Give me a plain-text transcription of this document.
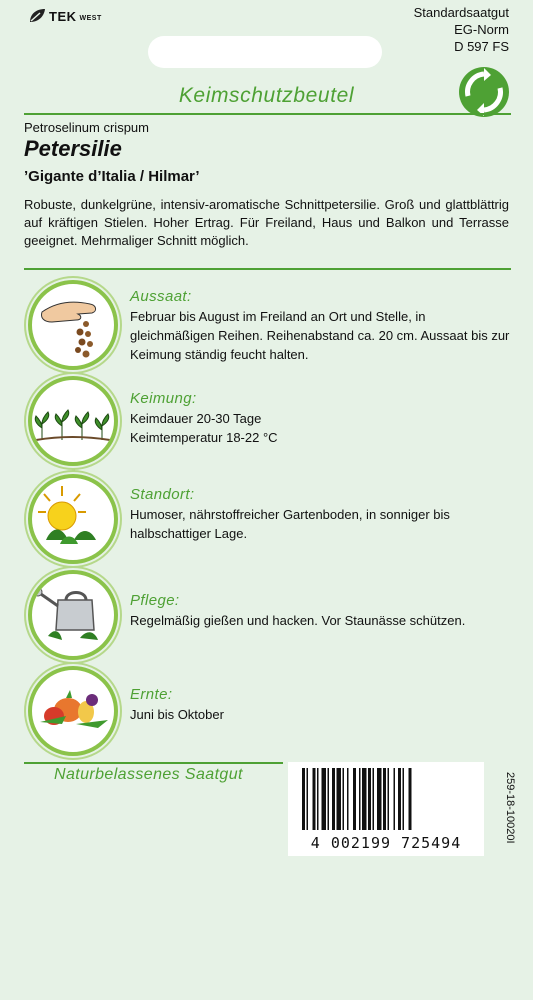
TEK WEST	Standardsaatgut
EG-Norm
D 597 FS
Keimschutzbeutel
Petroselinum crispum
Petersilie
’Gigante d’Italia / Hilmar’
Robuste, dunkelgrüne, intensiv-aromatische Schnittpetersilie. Groß und glattblättrig auf kräftigen Stielen. Hoher Ertrag. Für Freiland, Haus und Balkon und Terrasse geeignet. Mehrmaliger Schnitt möglich.
Aussaat:
Februar bis August im Freiland an Ort und Stelle, in gleichmäßigen Reihen. Reihenabstand ca. 20 cm. Aussaat bis zur Keimung ständig feucht halten.
Keimung:
Keimdauer 20-30 Tage
Keimtemperatur 18-22 °C
Standort:
Humoser, nährstoffreicher Gartenboden, in sonniger bis halbschattiger Lage.
Pflege:
Regelmäßig gießen und hacken. Vor Staunässe schützen.
Ernte:
Juni bis Oktober
Naturbelassenes Saatgut
4 002199 725494	259-18-10020I
